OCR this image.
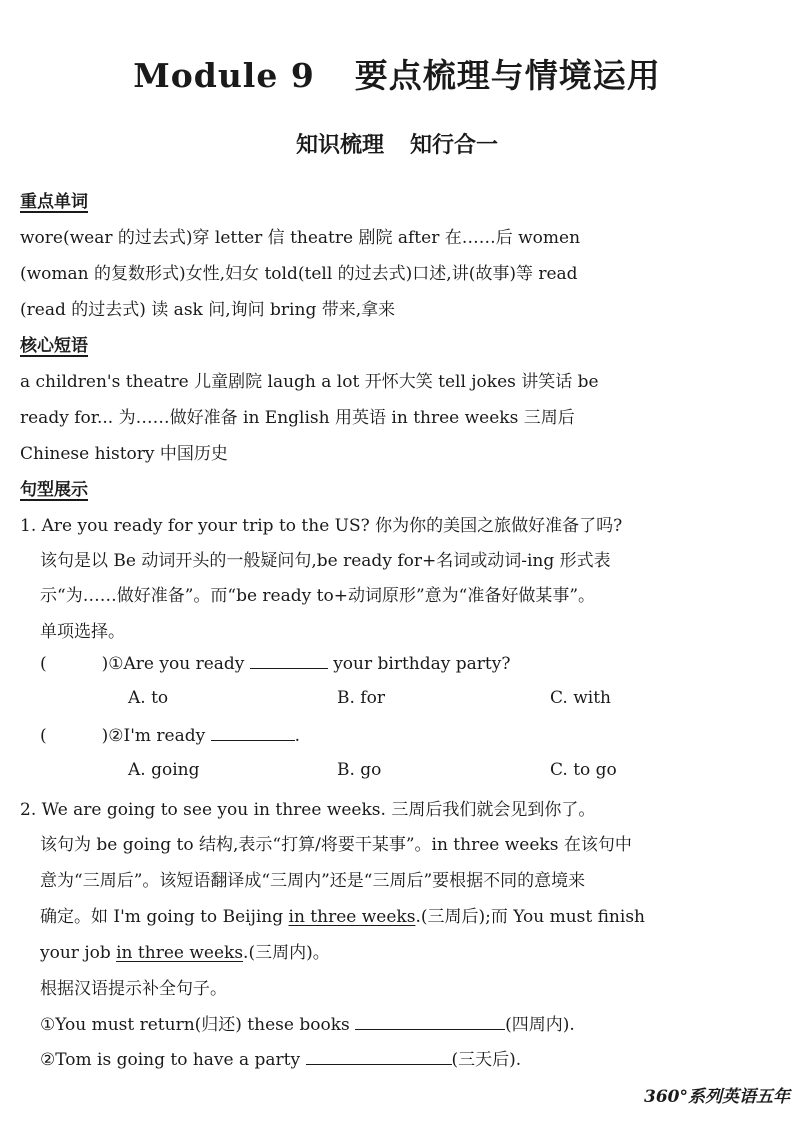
Module 9 要点梳理与情境运用
知识梳理 知行合一
重点单词
wore(wear 的过去式)穿 letter 信 theatre 剧院 after 在……后 women
(woman 的复数形式)女性,妇女 told(tell 的过去式)口述,讲(故事)等 read
(read 的过去式) 读 ask 问,询问 bring 带来,拿来
核心短语
a children's theatre 儿童剧院 laugh a lot 开怀大笑 tell jokes 讲笑话 be
ready for... 为……做好准备 in English 用英语 in three weeks 三周后
Chinese history 中国历史
句型展示
1. Are you ready for your trip to the US? 你为你的美国之旅做好准备了吗?
该句是以 Be 动词开头的一般疑问句,be ready for+名词或动词-ing 形式表
示“为……做好准备”。而“be ready to+动词原形”意为“准备好做某事”。
单项选择。
(	)①Are you ready	your birthday party?
A. to	B. for	C. with
(	)②I'm ready	.
A. going	B. go	C. to go
2. We are going to see you in three weeks. 三周后我们就会见到你了。
该句为 be going to 结构,表示“打算/将要干某事”。in three weeks 在该句中
意为“三周后”。该短语翻译成“三周内”还是“三周后”要根据不同的意境来
确定。如 I'm going to Beijing in three weeks.(三周后);而 You must finish
your job in three weeks.(三周内)。
根据汉语提示补全句子。
①You must return(归还) these books	(四周内).
②Tom is going to have a party	(三天后).
360°系列英语五年
